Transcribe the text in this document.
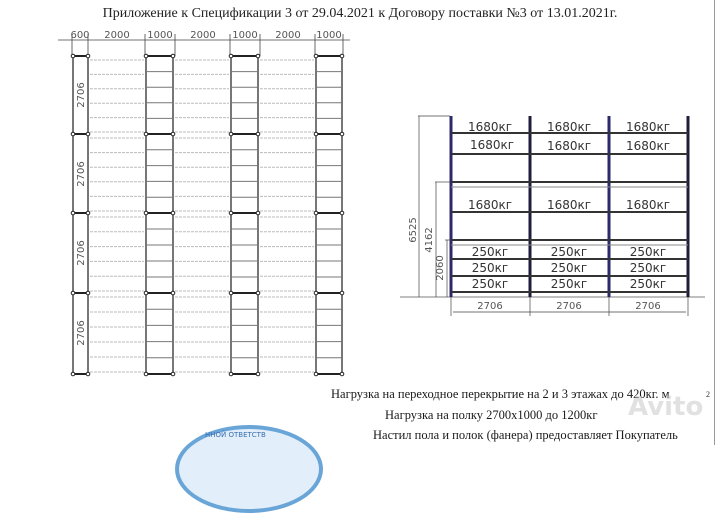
Приложение к Спецификации 3 от 29.04.2021 к Договору поставки №3 от 13.01.2021г.
600 2000 1000 2000 1000 2000 1000
2706
2706
2706
2706
6525 4162
2060
1680кг	1680кг	1680кг
1680кг	1680кг	1680кг
1680кг	1680кг	1680кг
250кг	250кг	250кг
250кг	250кг	250кг
250кг	250кг	250кг
2706	2706	2706
Нагрузка на переходное перекрытие на 2 и 3 этажах до 420кг. м	2
Нагрузка на полку 2700х1000 до 1200кг
Настил пола и полок (фанера) предоставляет Покупатель
Avito
ННОЙ ОТВЕТСТВ
